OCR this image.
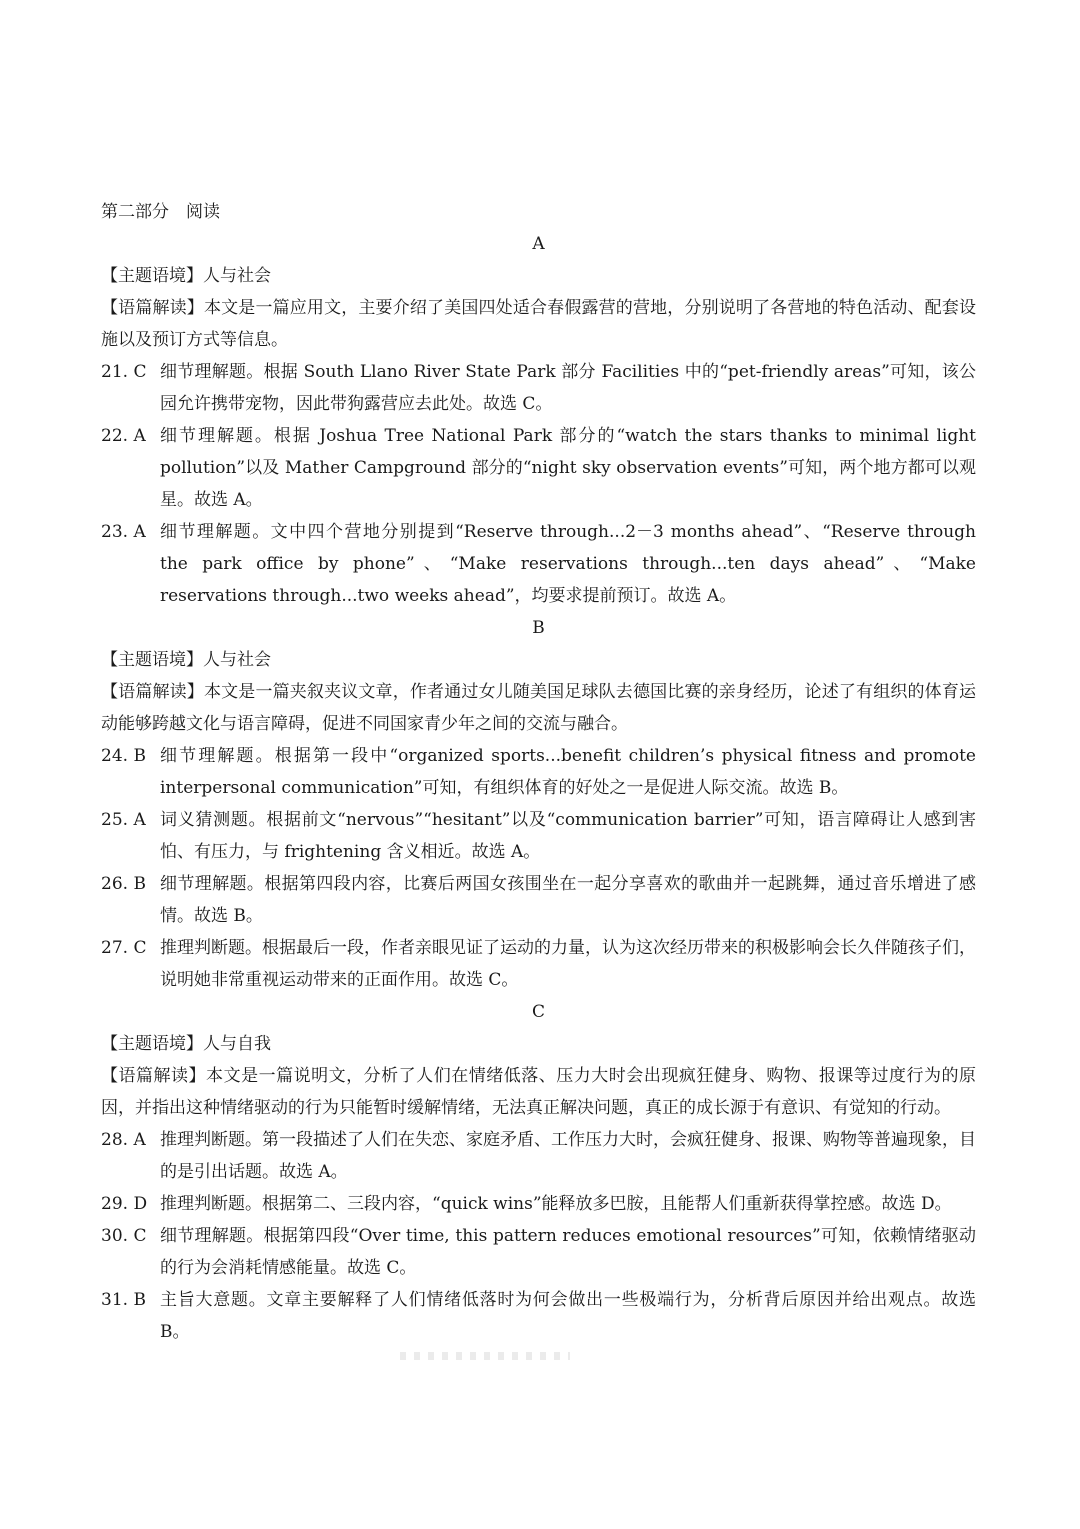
第二部分　阅读

A

【主题语境】人与社会

【语篇解读】本文是一篇应用文，主要介绍了美国四处适合春假露营的营地，分别说明了各营地的特色活动、配套设施以及预订方式等信息。

21. C 细节理解题。根据 South Llano River State Park 部分 Facilities 中的“pet-friendly areas”可知，该公园允许携带宠物，因此带狗露营应去此处。故选 C。
22. A 细节理解题。根据 Joshua Tree National Park 部分的“watch the stars thanks to minimal light pollution”以及 Mather Campground 部分的“night sky observation events”可知，两个地方都可以观星。故选 A。
23. A 细节理解题。文中四个营地分别提到“Reserve through...2－3 months ahead”、“Reserve through the park office by phone”、“Make reservations through...ten days ahead”、“Make reservations through...two weeks ahead”，均要求提前预订。故选 A。

B

【主题语境】人与社会

【语篇解读】本文是一篇夹叙夹议文章，作者通过女儿随美国足球队去德国比赛的亲身经历，论述了有组织的体育运动能够跨越文化与语言障碍，促进不同国家青少年之间的交流与融合。

24. B 细节理解题。根据第一段中“organized sports...benefit children’s physical fitness and promote interpersonal communication”可知，有组织体育的好处之一是促进人际交流。故选 B。
25. A 词义猜测题。根据前文“nervous”“hesitant”以及“communication barrier”可知，语言障碍让人感到害怕、有压力，与 frightening 含义相近。故选 A。
26. B 细节理解题。根据第四段内容，比赛后两国女孩围坐在一起分享喜欢的歌曲并一起跳舞，通过音乐增进了感情。故选 B。
27. C 推理判断题。根据最后一段，作者亲眼见证了运动的力量，认为这次经历带来的积极影响会长久伴随孩子们，说明她非常重视运动带来的正面作用。故选 C。

C

【主题语境】人与自我

【语篇解读】本文是一篇说明文，分析了人们在情绪低落、压力大时会出现疯狂健身、购物、报课等过度行为的原因，并指出这种情绪驱动的行为只能暂时缓解情绪，无法真正解决问题，真正的成长源于有意识、有觉知的行动。

28. A 推理判断题。第一段描述了人们在失恋、家庭矛盾、工作压力大时，会疯狂健身、报课、购物等普遍现象，目的是引出话题。故选 A。
29. D 推理判断题。根据第二、三段内容，“quick wins”能释放多巴胺，且能帮人们重新获得掌控感。故选 D。
30. C 细节理解题。根据第四段“Over time, this pattern reduces emotional resources”可知，依赖情绪驱动的行为会消耗情感能量。故选 C。
31. B 主旨大意题。文章主要解释了人们情绪低落时为何会做出一些极端行为，分析背后原因并给出观点。故选 B。
